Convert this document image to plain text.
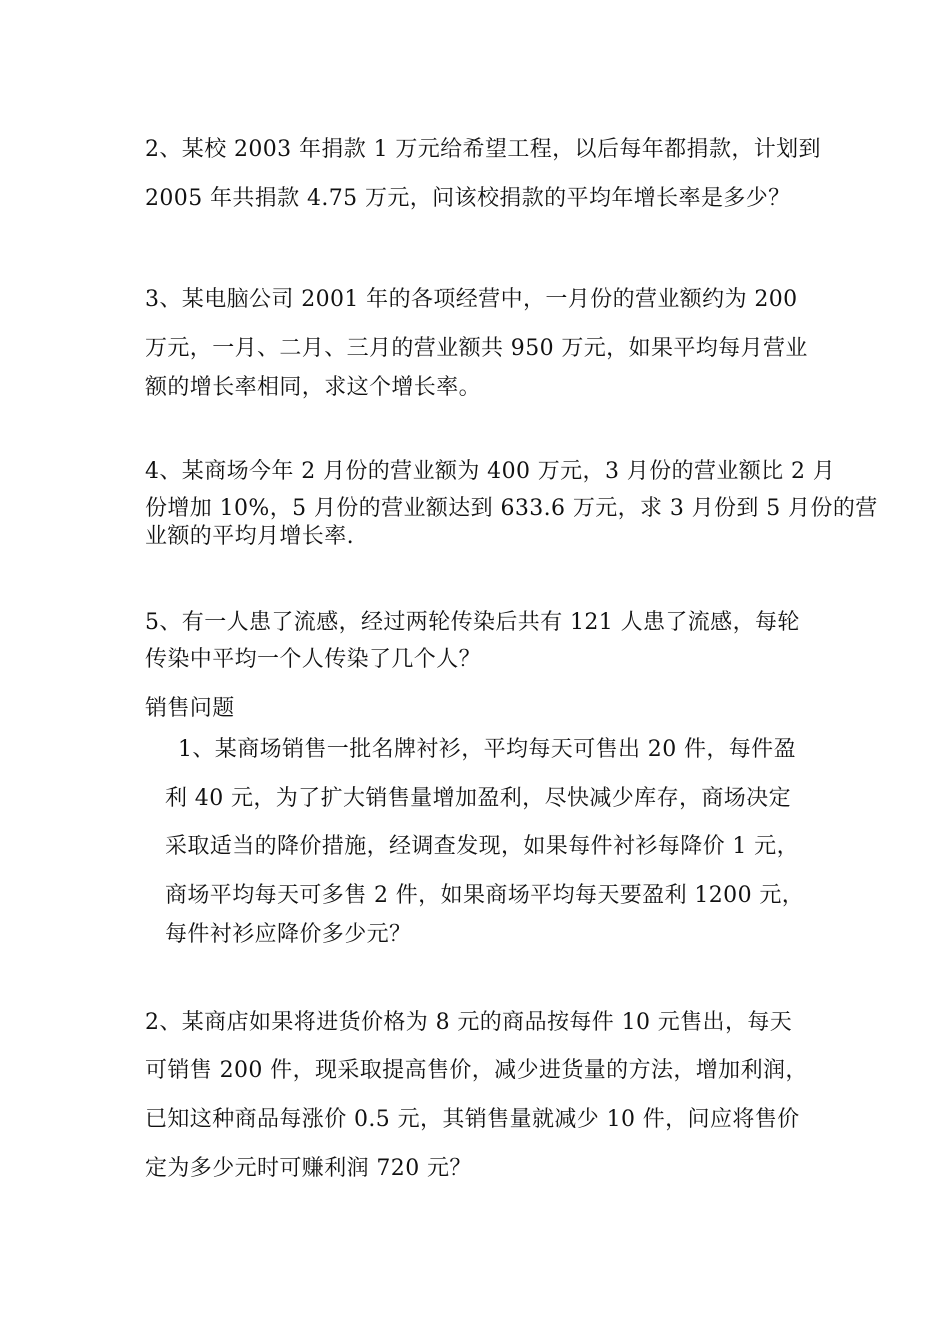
2、某校 2003 年捐款 1 万元给希望工程，以后每年都捐款，计划到
2005 年共捐款 4.75 万元，问该校捐款的平均年增长率是多少？
3、某电脑公司 2001 年的各项经营中，一月份的营业额约为 200
万元，一月、二月、三月的营业额共 950 万元，如果平均每月营业
额的增长率相同，求这个增长率。
4、某商场今年 2 月份的营业额为 400 万元，3 月份的营业额比 2 月
份增加 10%，5 月份的营业额达到 633.6 万元，求 3 月份到 5 月份的营
业额的平均月增长率.
5、有一人患了流感，经过两轮传染后共有 121 人患了流感，每轮
传染中平均一个人传染了几个人？
销售问题
1、某商场销售一批名牌衬衫，平均每天可售出 20 件，每件盈
利 40 元，为了扩大销售量增加盈利，尽快减少库存，商场决定
采取适当的降价措施，经调查发现，如果每件衬衫每降价 1 元，
商场平均每天可多售 2 件，如果商场平均每天要盈利 1200 元，
每件衬衫应降价多少元？
2、某商店如果将进货价格为 8 元的商品按每件 10 元售出，每天
可销售 200 件，现采取提高售价，减少进货量的方法，增加利润，
已知这种商品每涨价 0.5 元，其销售量就减少 10 件，问应将售价
定为多少元时可赚利润 720 元？
